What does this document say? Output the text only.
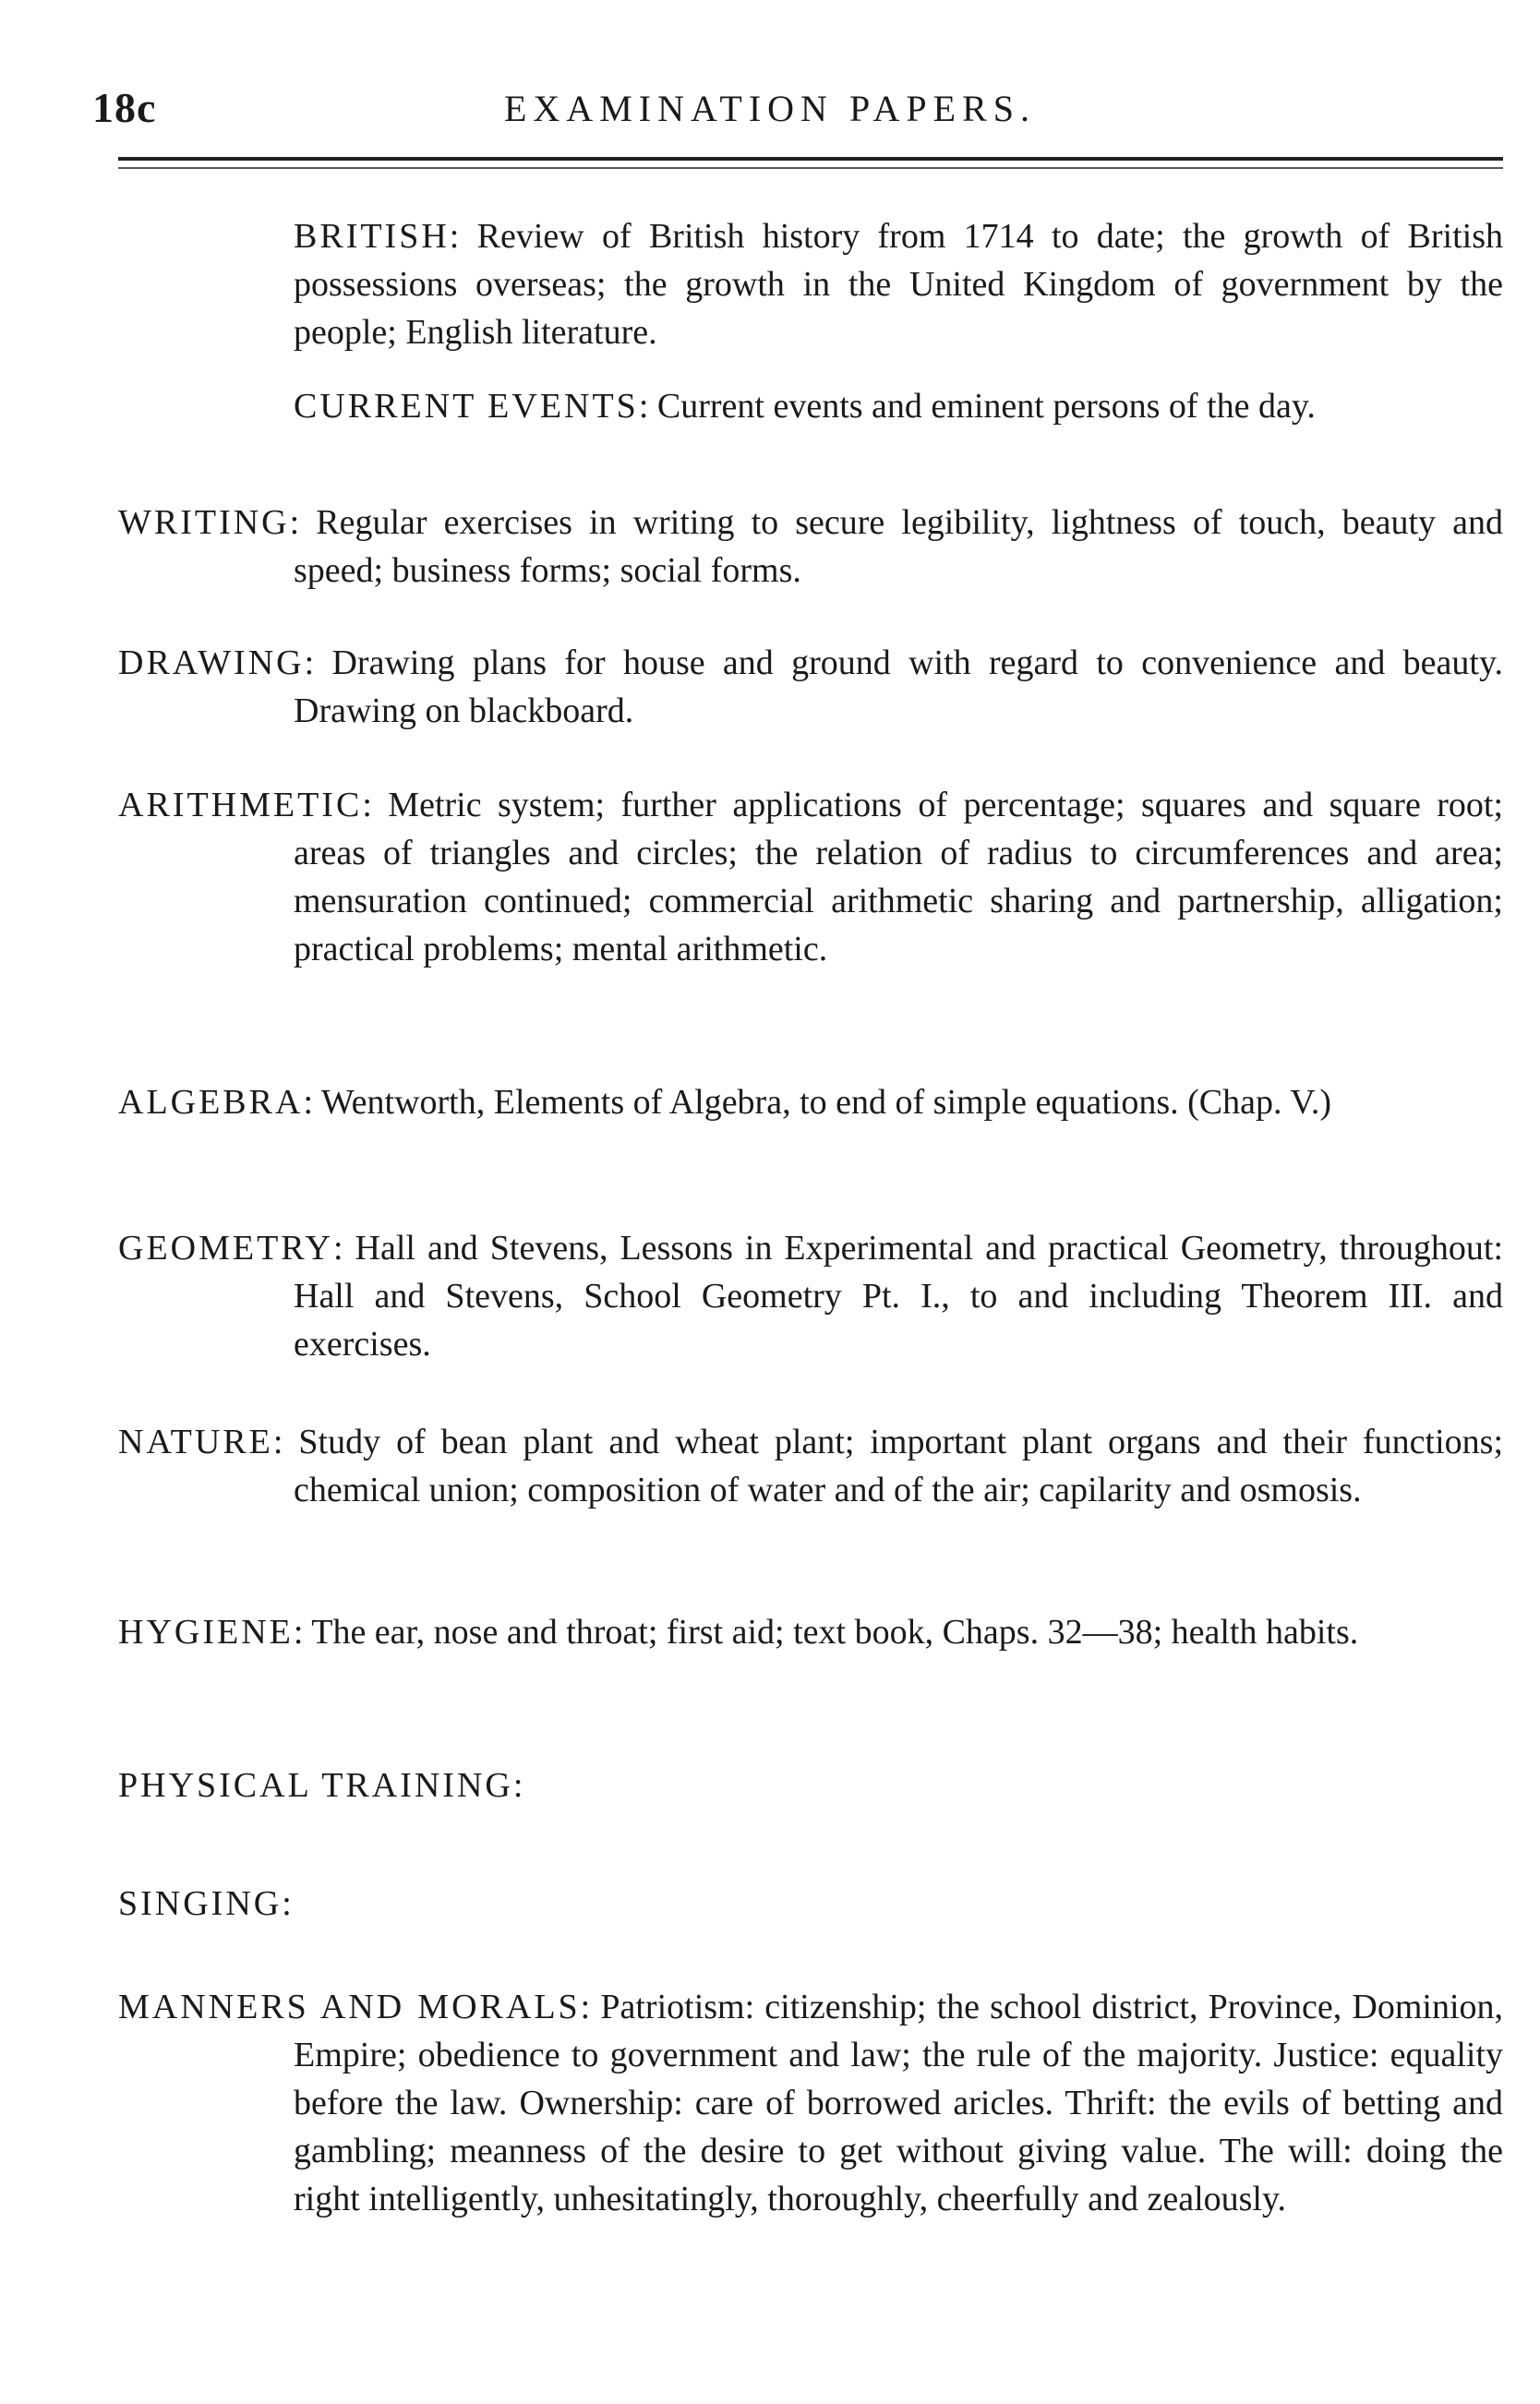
18c	EXAMINATION PAPERS.

BRITISH: Review of British history from 1714 to date; the growth of British possessions overseas; the growth in the United Kingdom of government by the people; English literature.

CURRENT EVENTS: Current events and eminent persons of the day.

WRITING: Regular exercises in writing to secure legibility, lightness of touch, beauty and speed; business forms; social forms.

DRAWING: Drawing plans for house and ground with regard to convenience and beauty. Drawing on blackboard.

ARITHMETIC: Metric system; further applications of percentage; squares and square root; areas of triangles and circles; the relation of radius to circumferences and area; mensuration continued; commercial arithmetic sharing and partnership, alligation; practical problems; mental arithmetic.

ALGEBRA: Wentworth, Elements of Algebra, to end of simple equations. (Chap. V.)

GEOMETRY: Hall and Stevens, Lessons in Experimental and practical Geometry, throughout: Hall and Stevens, School Geometry Pt. I., to and including Theorem III. and exercises.

NATURE: Study of bean plant and wheat plant; important plant organs and their functions; chemical union; composition of water and of the air; capilarity and osmosis.

HYGIENE: The ear, nose and throat; first aid; text book, Chaps. 32—38; health habits.

PHYSICAL TRAINING:

SINGING:

MANNERS AND MORALS: Patriotism: citizenship; the school district, Province, Dominion, Empire; obedience to government and law; the rule of the majority. Justice: equality before the law. Ownership: care of borrowed aricles. Thrift: the evils of betting and gambling; meanness of the desire to get without giving value. The will: doing the right intelligently, unhesitatingly, thoroughly, cheerfully and zealously.
